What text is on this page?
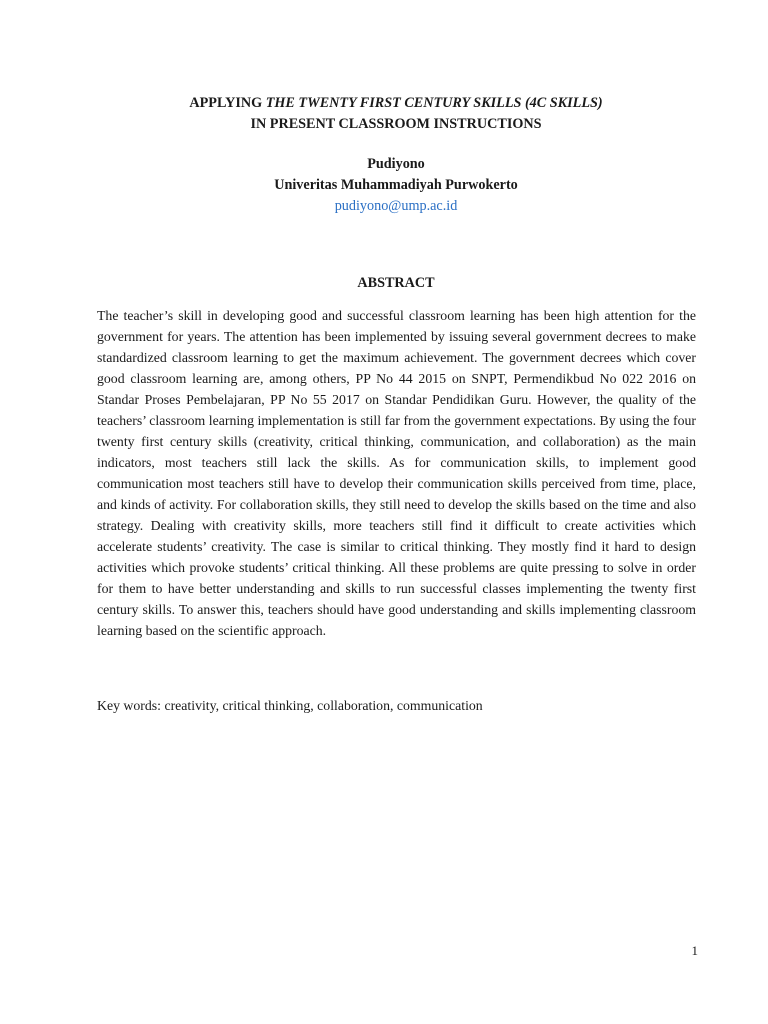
APPLYING THE TWENTY FIRST CENTURY SKILLS (4C SKILLS)
IN PRESENT CLASSROOM INSTRUCTIONS
Pudiyono
Univeritas Muhammadiyah Purwokerto
pudiyono@ump.ac.id
ABSTRACT

The teacher’s skill in developing good and successful classroom learning has been high attention for the government for years. The attention has been implemented by issuing several government decrees to make standardized classroom learning to get the maximum achievement. The government decrees which cover good classroom learning are, among others, PP No 44 2015 on SNPT, Permendikbud No 022 2016 on Standar Proses Pembelajaran, PP No 55 2017 on Standar Pendidikan Guru. However, the quality of the teachers’ classroom learning implementation is still far from the government expectations. By using the four twenty first century skills (creativity, critical thinking, communication, and collaboration) as the main indicators, most teachers still lack the skills. As for communication skills, to implement good communication most teachers still have to develop their communication skills perceived from time, place, and kinds of activity. For collaboration skills, they still need to develop the skills based on the time and also strategy. Dealing with creativity skills, more teachers still find it difficult to create activities which accelerate students’ creativity. The case is similar to critical thinking. They mostly find it hard to design activities which provoke students’ critical thinking. All these problems are quite pressing to solve in order for them to have better understanding and skills to run successful classes implementing the twenty first century skills. To answer this, teachers should have good understanding and skills implementing classroom learning based on the scientific approach.

Key words: creativity, critical thinking, collaboration, communication
1
